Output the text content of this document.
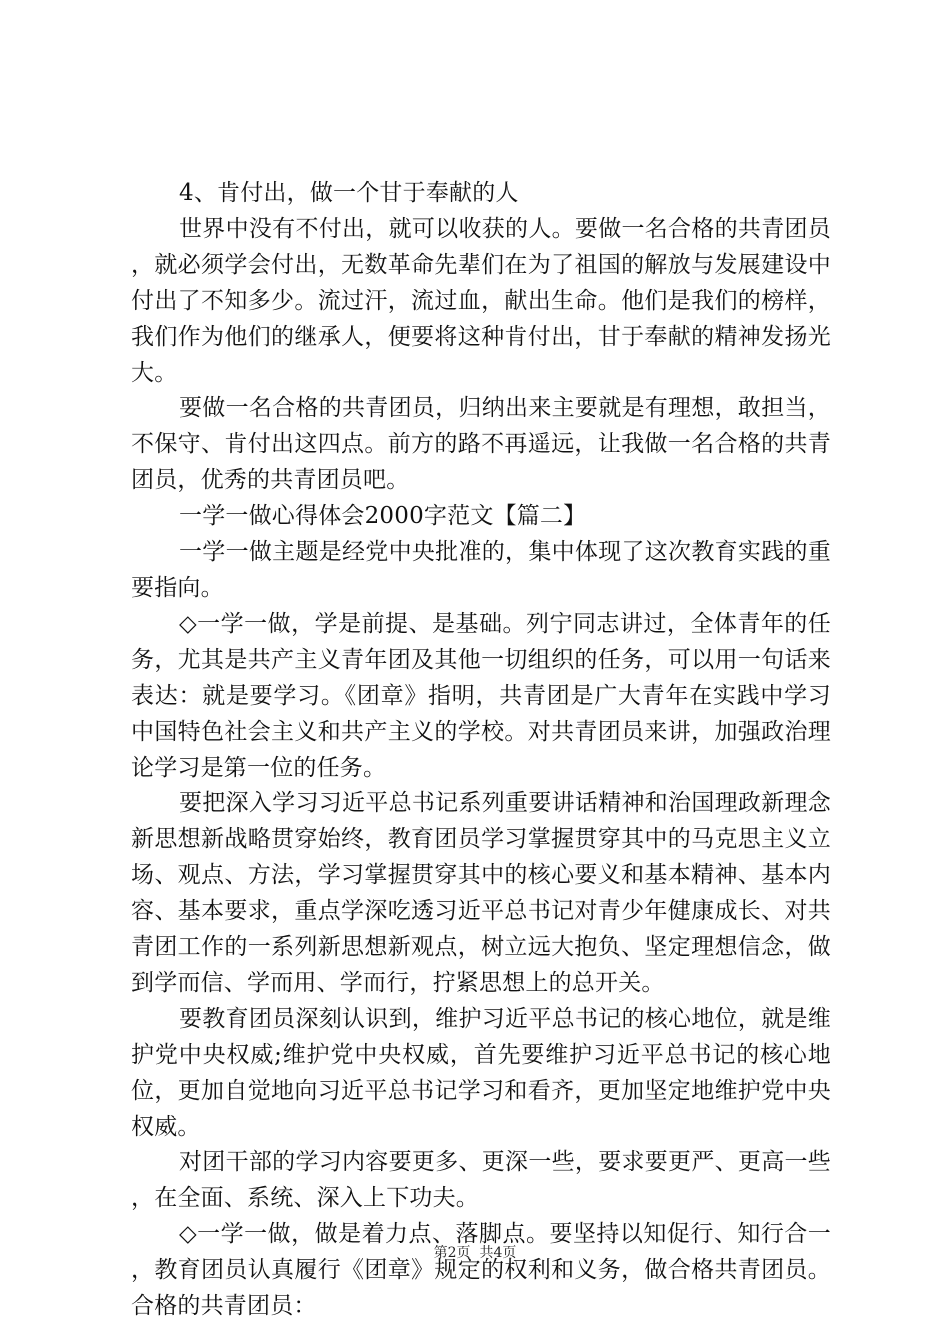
4、肯付出，做一个甘于奉献的人

世界中没有不付出，就可以收获的人。要做一名合格的共青团员，就必须学会付出，无数革命先辈们在为了祖国的解放与发展建设中付出了不知多少。流过汗，流过血，献出生命。他们是我们的榜样，我们作为他们的继承人，便要将这种肯付出，甘于奉献的精神发扬光大。

要做一名合格的共青团员，归纳出来主要就是有理想，敢担当，不保守、肯付出这四点。前方的路不再遥远，让我做一名合格的共青团员，优秀的共青团员吧。

一学一做心得体会2000字范文【篇二】

一学一做主题是经党中央批准的，集中体现了这次教育实践的重要指向。

◇一学一做，学是前提、是基础。列宁同志讲过，全体青年的任务，尤其是共产主义青年团及其他一切组织的任务，可以用一句话来表达：就是要学习。《团章》指明，共青团是广大青年在实践中学习中国特色社会主义和共产主义的学校。对共青团员来讲，加强政治理论学习是第一位的任务。

要把深入学习习近平总书记系列重要讲话精神和治国理政新理念新思想新战略贯穿始终，教育团员学习掌握贯穿其中的马克思主义立场、观点、方法，学习掌握贯穿其中的核心要义和基本精神、基本内容、基本要求，重点学深吃透习近平总书记对青少年健康成长、对共青团工作的一系列新思想新观点，树立远大抱负、坚定理想信念，做到学而信、学而用、学而行，拧紧思想上的总开关。

要教育团员深刻认识到，维护习近平总书记的核心地位，就是维护党中央权威;维护党中央权威，首先要维护习近平总书记的核心地位，更加自觉地向习近平总书记学习和看齐，更加坚定地维护党中央权威。

对团干部的学习内容要更多、更深一些，要求要更严、更高一些，在全面、系统、深入上下功夫。

◇一学一做，做是着力点、落脚点。要坚持以知促行、知行合一，教育团员认真履行《团章》规定的权利和义务，做合格共青团员。合格的共青团员：

第2页  共4页
